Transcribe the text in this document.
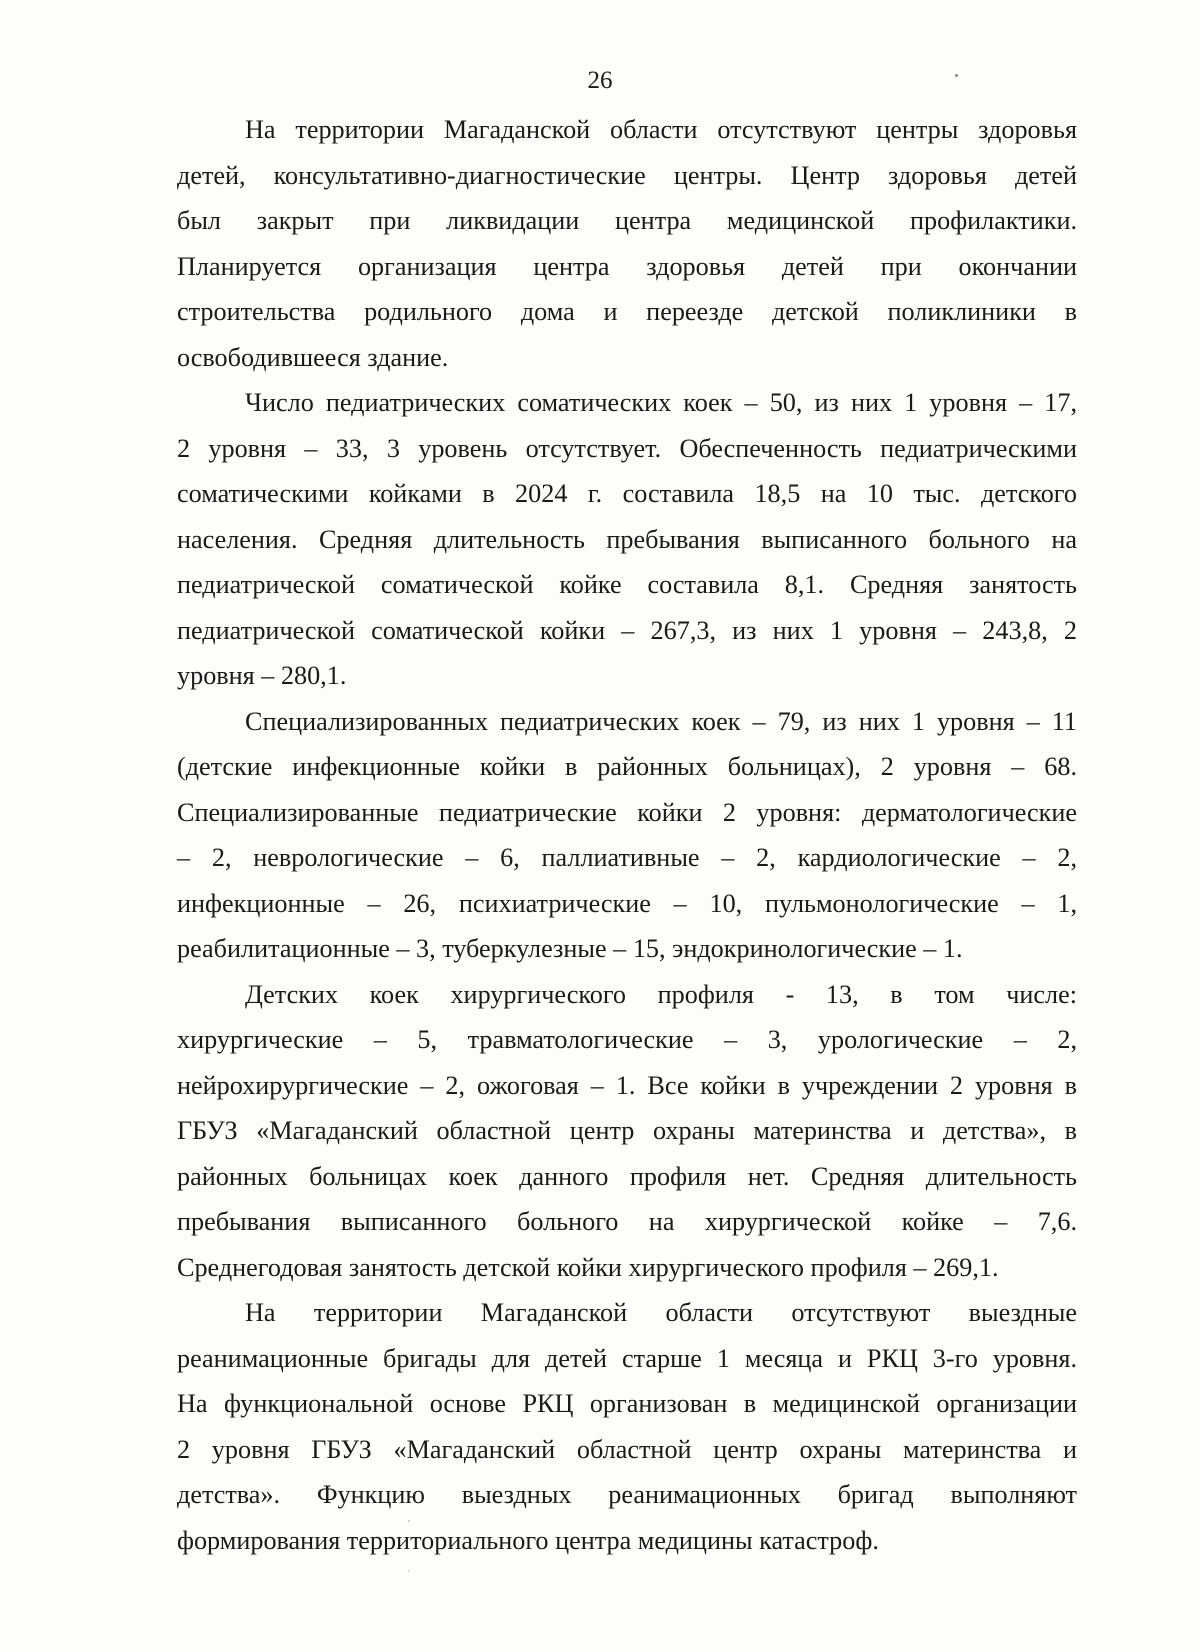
26
На территории Магаданской области отсутствуют центры здоровья
детей, консультативно-диагностические центры. Центр здоровья детей
был закрыт при ликвидации центра медицинской профилактики.
Планируется организация центра здоровья детей при окончании
строительства родильного дома и переезде детской поликлиники в
освободившееся здание.
Число педиатрических соматических коек – 50, из них 1 уровня – 17,
2 уровня – 33, 3 уровень отсутствует. Обеспеченность педиатрическими
соматическими койками в 2024 г. составила 18,5 на 10 тыс. детского
населения. Средняя длительность пребывания выписанного больного на
педиатрической соматической койке составила 8,1. Средняя занятость
педиатрической соматической койки – 267,3, из них 1 уровня – 243,8, 2
уровня – 280,1.
Специализированных педиатрических коек – 79, из них 1 уровня – 11
(детские инфекционные койки в районных больницах), 2 уровня – 68.
Специализированные педиатрические койки 2 уровня: дерматологические
– 2, неврологические – 6, паллиативные – 2, кардиологические – 2,
инфекционные – 26, психиатрические – 10, пульмонологические – 1,
реабилитационные – 3, туберкулезные – 15, эндокринологические – 1.
Детских коек хирургического профиля - 13, в том числе:
хирургические – 5, травматологические – 3, урологические – 2,
нейрохирургические – 2, ожоговая – 1. Все койки в учреждении 2 уровня в
ГБУЗ «Магаданский областной центр охраны материнства и детства», в
районных больницах коек данного профиля нет. Средняя длительность
пребывания выписанного больного на хирургической койке – 7,6.
Среднегодовая занятость детской койки хирургического профиля – 269,1.
На территории Магаданской области отсутствуют выездные
реанимационные бригады для детей старше 1 месяца и РКЦ 3-го уровня.
На функциональной основе РКЦ организован в медицинской организации
2 уровня ГБУЗ «Магаданский областной центр охраны материнства и
детства». Функцию выездных реанимационных бригад выполняют
формирования территориального центра медицины катастроф.
